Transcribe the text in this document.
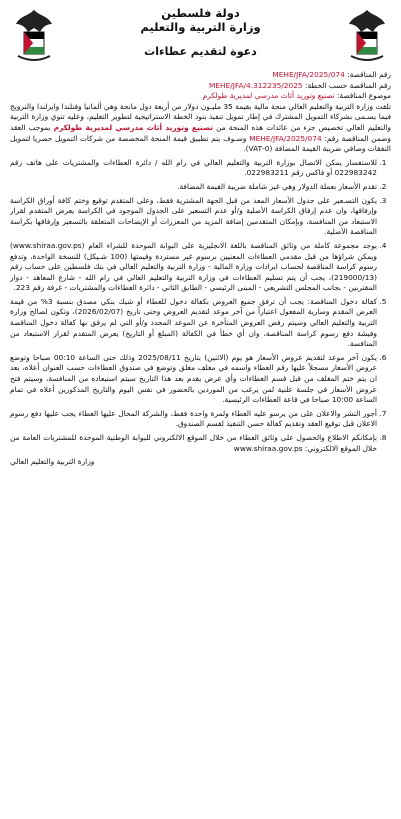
دولة فلسطين
وزارة التربية والتعليم
دعوة لتقديم عطاءات

رقم المناقصة: MEHE/JFA/2025/074

رقم المناقصة حسب الخطة: MEHE/JFA/4.312235/2025

موضوع المناقصة: تصنيع وتوريد أثاث مدرسي لمديرية طولكرم

تلقت وزارة التربية والتعليم العالي منحة مالية بقيمة 35 مليـون دولار من أربعة دول مانحة وهي ألمانيا وفنلندا وايرلندا والنرويج فيما يسـمى بشركاء التمويل المشترك في إطار تمويل تنفيذ بنود الخطة الاستراتيجية لتطوير التعليم، وعليه تنوي وزارة التربية والتعليم العالي تخصيص جزء من عائدات هذه المنحة من تصنيع وتوريد أثاث مدرسي لمديرية طولكرم بموجب العقد وضمن المناقصة رقم: MEHE/JFA/2025/074 وسـوف يتم تطبيق قيمة المنحة المخصصة من شركات التمويل حصريا لتمويل النفقات وصافي ضريبة القيمة المضافة (0-VAT).

1. للاستفسار يمكن الاتصال بوزارة التربية والتعليم العالي في رام الله / دائرة العطاءات والمشتريات على هاتف رقم 022983242 أو فاكس رقم 022983211.
2. تقدم الأسعار بعملة الدولار وهي غير شاملة ضريبة القيمة المضافة.
3. يكون التسـعير على جدول الأسعار المعد من قبل الجهة المشترية فقط، وعلى المتقدم توقيع وختم كافة أوراق الكراسة وإرفاقها، وان عدم إرفاق الكراسة الأصلية و/أو عدم التسعير على الجدول الموجود في الكراسة يعرض المتقدم لقرار الاستبعاد من المنافسة، وبإمكان المتقدمين إضافة المزيد من المعززات أو الإيضاحات المتعلقة بالتسعير وإرفاقها بكراسة المناقصة الأصلية.
4. يوجد مجموعة كاملة من وثائق المناقصة باللغة الانجليزية على البوابة الموحدة للشراء العام (www.shiraa.gov.ps) ويمكن شراؤها من قبل مقدمي العطاءات المعنيين برسوم غير مستردة وقيمتها (100 شـيكل) للنسخة الواحدة، وتدفع رسوم كراسة المناقصة لحساب ايرادات وزارة المالية - وزارة التربية والتعليم العالي في بنك فلسطين على حساب رقم (219000/13)، يجب أن يتم تسليم العطاءات في وزارة التربية والتعليم العالي في رام الله - شارع المعاهد - دوار المقتربين - بجانب المجلس التشريعي - المبنى الرئيسي - الطابق الثاني - دائرة العطاءات والمشتريات - غرفة رقم 223.
5. كفالة دخول المناقصة: يجب أن ترفق جميع العروض بكفالة دخول للعطاء أو شيك بنكي مصدق بنسبة 3% من قيمة العرض المقدم وسارية المفعول اعتباراً من آخر موعد لتقديم العروض وحتى تاريخ (2026/02/07)، وتكون لصالح وزارة التربية والتعليم العالي وسيتم رفض العروض المتأخرة عن الموعد المحدد و/أو التي لم يرفق بها كفالة دخول المناقصة وفيشة دفع رسوم كراسة المناقصة، وان أي خطأ في الكفالة (المبلغ أو التاريخ) يعرض المتقدم لقرار الاستبعاد من المنافسة.
6. يكون آخر موعد لتقديم عروض الأسعار هو يوم (الاثنين) بتاريخ 2025/08/11 وذلك حتى الساعة 00:10 صباحا وتوضع عروض الأسعار مسجلاً عليها رقم العطاء واسمه في مغلف مغلق وتوضع في صندوق العطاءات حسب العنوان أعلاه، بعد ان يتم ختم المغلف من قبل قسم العطاءات وأي عرض يقدم بعد هذا التاريخ سيتم استبعاده من المنافسة، وسيتم فتح عروض الأسعار في جلسة علنية لمن يرغب من الموردين بالحضور في نفس اليوم والتاريخ المذكورين أعلاه في تمام الساعة 10:00 صباحا في قاعة العطاءات الرئيسية.
7. أجور النشر والاعلان على من يرسو عليه العطاء ولمرة واحدة فقط، والشركة المحال عليها العطاء يجب عليها دفع رسوم الاعلان قبل توقيع العقد وتقديم كفالة حسن التنفيذ لقسم الصندوق.
8. بإمكانكم الاطلاع والحصول على وثائق العطاء من خلال الموقع الالكتروني للبوابة الوطنية الموحدة للمشتريات العامة من خلال الموقع الالكتروني: www.shiraa.gov.ps
وزارة التربية والتعليم العالي
